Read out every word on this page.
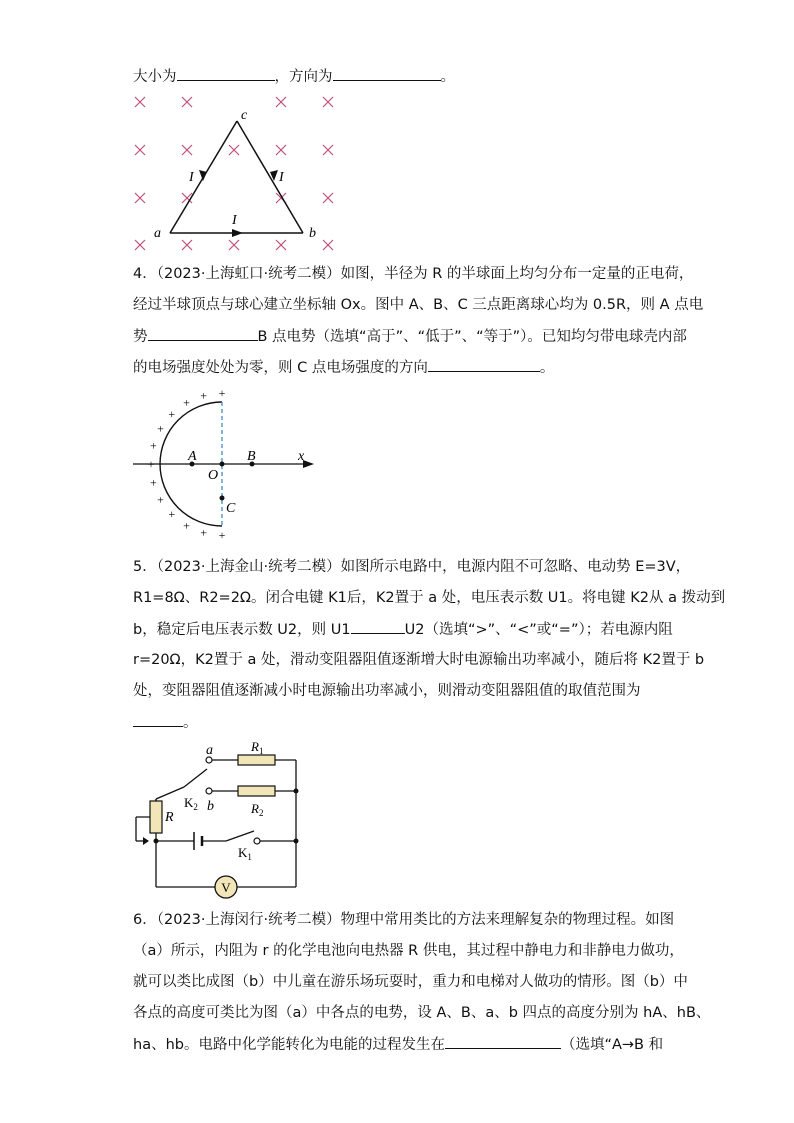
大小为	，方向为	。
c
a	b
I	I
I
4．（2023·上海虹口·统考二模）如图，半径为 R 的半球面上均匀分布一定量的正电荷，
经过半球顶点与球心建立坐标轴 Ox。图中 A、B、C 三点距离球心均为 0.5R，则 A 点电
势	B 点电势（选填“高于”、“低于”、“等于”）。已知均匀带电球壳内部
的电场强度处处为零，则 C 点电场强度的方向	。
+
+
+
+
+
+
+
+
+
+
+
+ +
A
O
B
C
x
5．（2023·上海金山·统考二模）如图所示电路中，电源内阻不可忽略、电动势 E=3V，
R1=8Ω、R2=2Ω。闭合电键 K1后，K2置于 a 处，电压表示数 U1。将电键 K2从 a 拨动到
b，稳定后电压表示数 U2，则 U1	U2（选填“>”、“<”或“=”）；若电源内阻
r=20Ω，K2置于 a 处，滑动变阻器阻值逐渐增大时电源输出功率减小，随后将 K2置于 b
处，变阻器阻值逐渐减小时电源输出功率减小，则滑动变阻器阻值的取值范围为
。
V
a
b
$R_1$
$R_2$
$K_2$
$K_1$
R
6．（2023·上海闵行·统考二模）物理中常用类比的方法来理解复杂的物理过程。如图
（a）所示，内阻为 r 的化学电池向电热器 R 供电，其过程中静电力和非静电力做功，
就可以类比成图（b）中儿童在游乐场玩耍时，重力和电梯对人做功的情形。图（b）中
各点的高度可类比为图（a）中各点的电势，设 A、B、a、b 四点的高度分别为 hA、hB、
ha、hb。电路中化学能转化为电能的过程发生在	（选填“A→B 和
